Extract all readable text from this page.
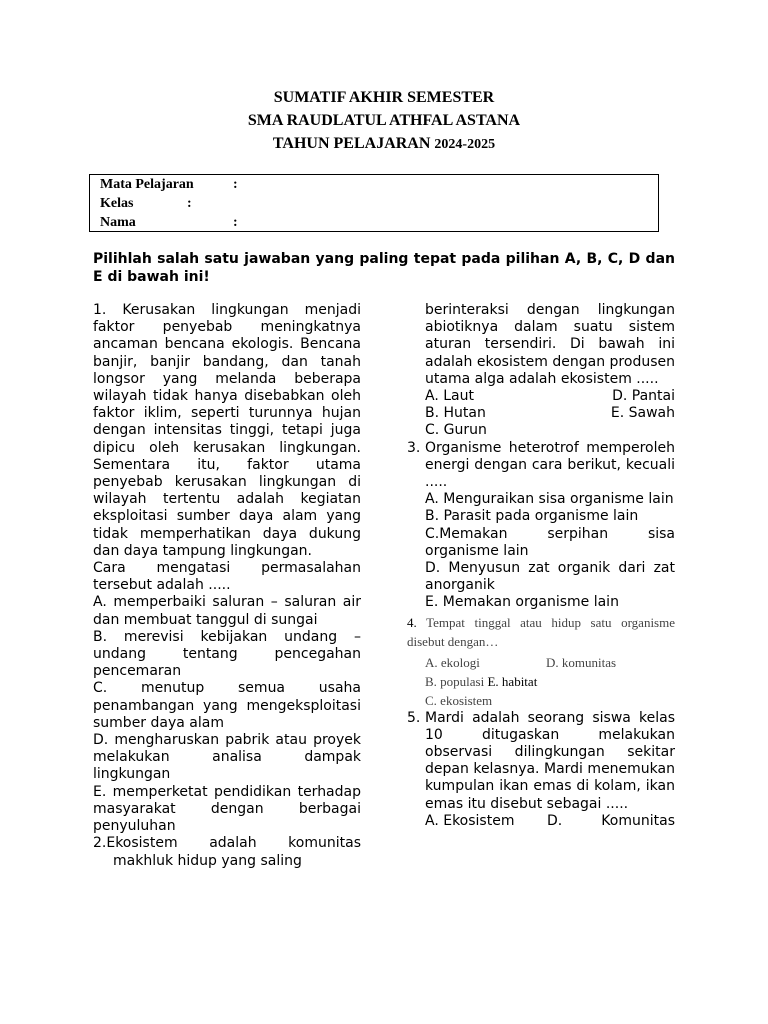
SUMATIF AKHIR SEMESTER
SMA RAUDLATUL ATHFAL ASTANA
TAHUN PELAJARAN 2024-2025
Mata Pelajaran	:
Kelas	:
Nama	:
Pilihlah salah satu jawaban yang paling tepat pada pilihan A, B, C, D dan E di bawah ini!
1. Kerusakan lingkungan menjadi faktor penyebab meningkatnya ancaman bencana ekologis. Bencana banjir, banjir bandang, dan tanah longsor yang melanda beberapa wilayah tidak hanya disebabkan oleh faktor iklim, seperti turunnya hujan dengan intensitas tinggi, tetapi juga dipicu oleh kerusakan lingkungan. Sementara itu, faktor utama penyebab kerusakan lingkungan di wilayah tertentu adalah kegiatan eksploitasi sumber daya alam yang tidak memperhatikan daya dukung dan daya tampung lingkungan.
Cara mengatasi permasalahan tersebut adalah .....
A. memperbaiki saluran – saluran air dan membuat tanggul di sungai
B. merevisi kebijakan undang – undang tentang pencegahan pencemaran
C. menutup semua usaha penambangan yang mengeksploitasi sumber daya alam
D. mengharuskan pabrik atau proyek melakukan analisa dampak lingkungan
E. memperketat pendidikan terhadap masyarakat dengan berbagai penyuluhan
2.Ekosistem adalah komunitas makhluk hidup yang saling
berinteraksi dengan lingkungan abiotiknya dalam suatu sistem aturan tersendiri. Di bawah ini adalah ekosistem dengan produsen utama alga adalah ekosistem .....
A. Laut	D. Pantai
B. Hutan	E. Sawah
C. Gurun
3. Organisme heterotrof memperoleh energi dengan cara berikut, kecuali .....
A. Menguraikan sisa organisme lain
B. Parasit pada organisme lain
C.Memakan serpihan sisa organisme lain
D. Menyusun zat organik dari zat anorganik
E. Memakan organisme lain
4. Tempat tinggal atau hidup satu organisme disebut dengan…
A. ekologi	D. komunitas
B. populasi E. habitat
C. ekosistem
5. Mardi adalah seorang siswa kelas 10 ditugaskan melakukan observasi dilingkungan sekitar depan kelasnya. Mardi menemukan kumpulan ikan emas di kolam, ikan emas itu disebut sebagai .....
A. Ekosistem	D. Komunitas
